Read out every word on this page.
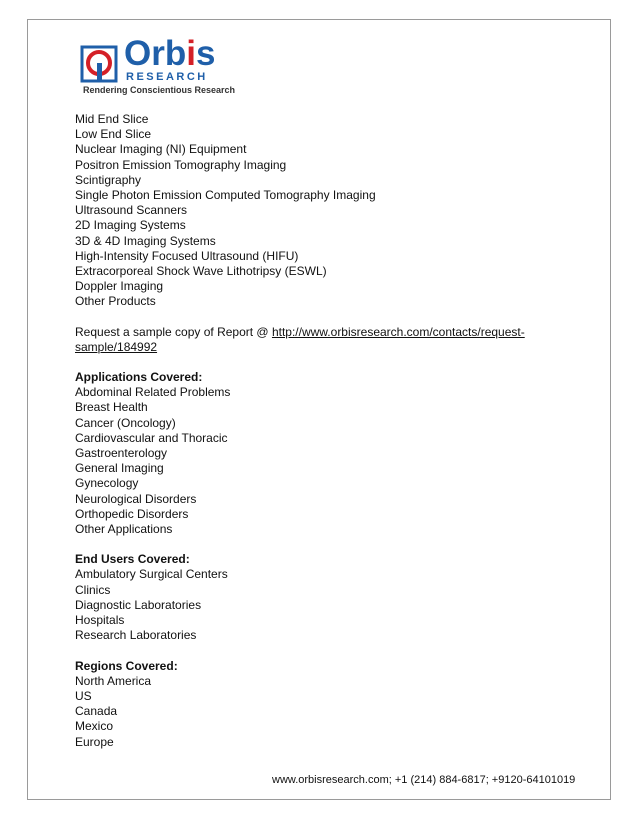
Orbis
RESEARCH
Rendering Conscientious Research
Mid End Slice
Low End Slice
Nuclear Imaging (NI) Equipment
Positron Emission Tomography Imaging
Scintigraphy
Single Photon Emission Computed Tomography Imaging
Ultrasound Scanners
2D Imaging Systems
3D & 4D Imaging Systems
High-Intensity Focused Ultrasound (HIFU)
Extracorporeal Shock Wave Lithotripsy (ESWL)
Doppler Imaging
Other Products
Request a sample copy of Report @ http://www.orbisresearch.com/contacts/request-
sample/184992
Applications Covered:
Abdominal Related Problems
Breast Health
Cancer (Oncology)
Cardiovascular and Thoracic
Gastroenterology
General Imaging
Gynecology
Neurological Disorders
Orthopedic Disorders
Other Applications
End Users Covered:
Ambulatory Surgical Centers
Clinics
Diagnostic Laboratories
Hospitals
Research Laboratories
Regions Covered:
North America
US
Canada
Mexico
Europe
www.orbisresearch.com; +1 (214) 884-6817; +9120-64101019
